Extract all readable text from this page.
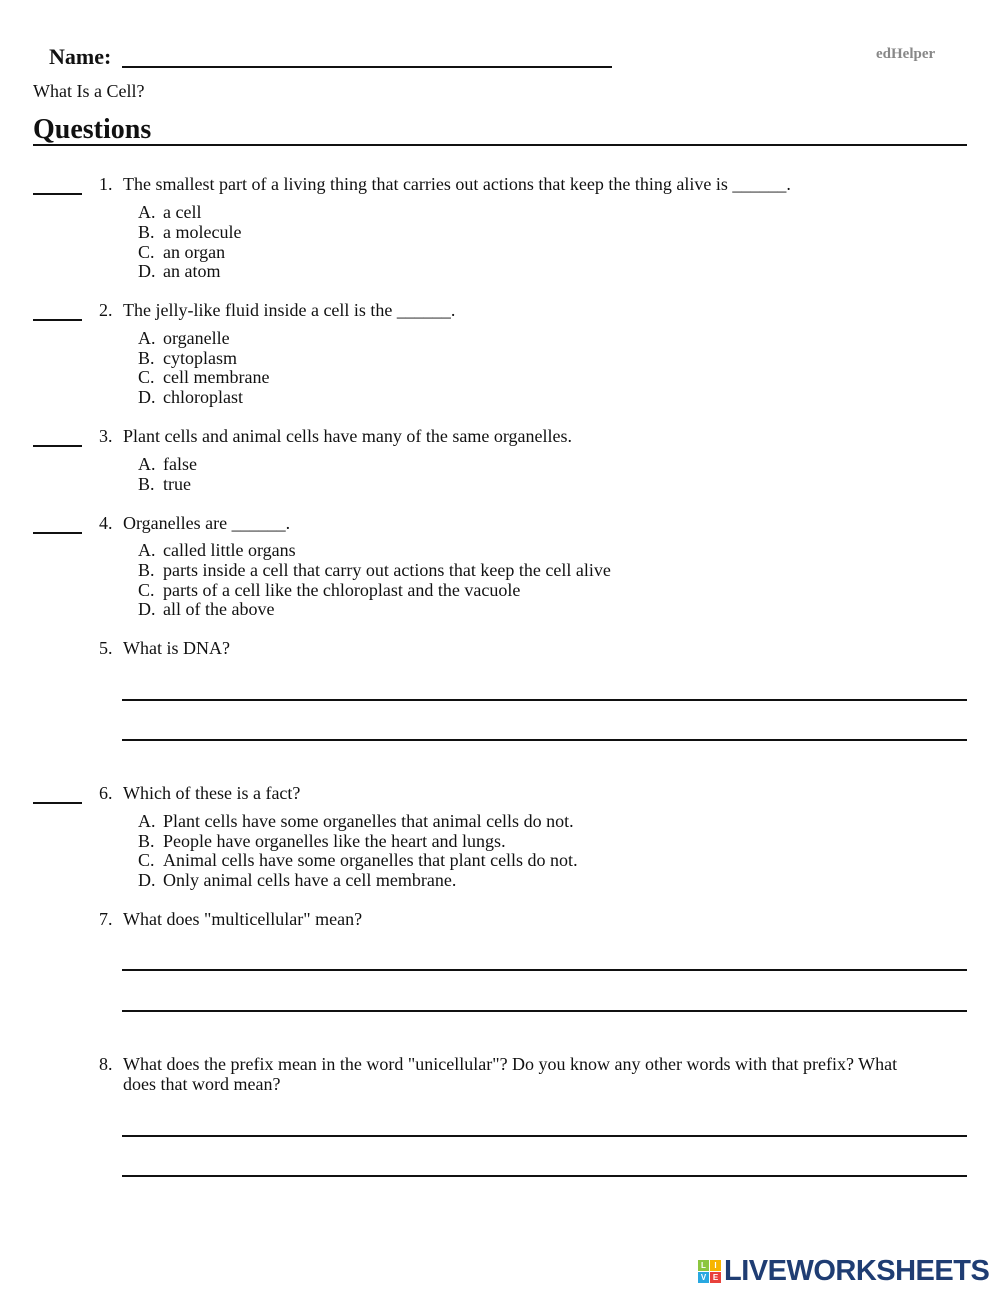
Name:	edHelper
What Is a Cell?
Questions
1. The smallest part of a living thing that carries out actions that keep the thing alive is ______.
A. a cell
B. a molecule
C. an organ
D. an atom
2. The jelly-like fluid inside a cell is the ______.
A. organelle
B. cytoplasm
C. cell membrane
D. chloroplast
3. Plant cells and animal cells have many of the same organelles.
A. false
B. true
4. Organelles are ______.
A. called little organs
B. parts inside a cell that carry out actions that keep the cell alive
C. parts of a cell like the chloroplast and the vacuole
D. all of the above
5. What is DNA?
6. Which of these is a fact?
A. Plant cells have some organelles that animal cells do not.
B. People have organelles like the heart and lungs.
C. Animal cells have some organelles that plant cells do not.
D. Only animal cells have a cell membrane.
7. What does "multicellular" mean?
8. What does the prefix mean in the word "unicellular"? Do you know any other words with that prefix? What
does that word mean?
L	I
V E LIVEWORKSHEETS
